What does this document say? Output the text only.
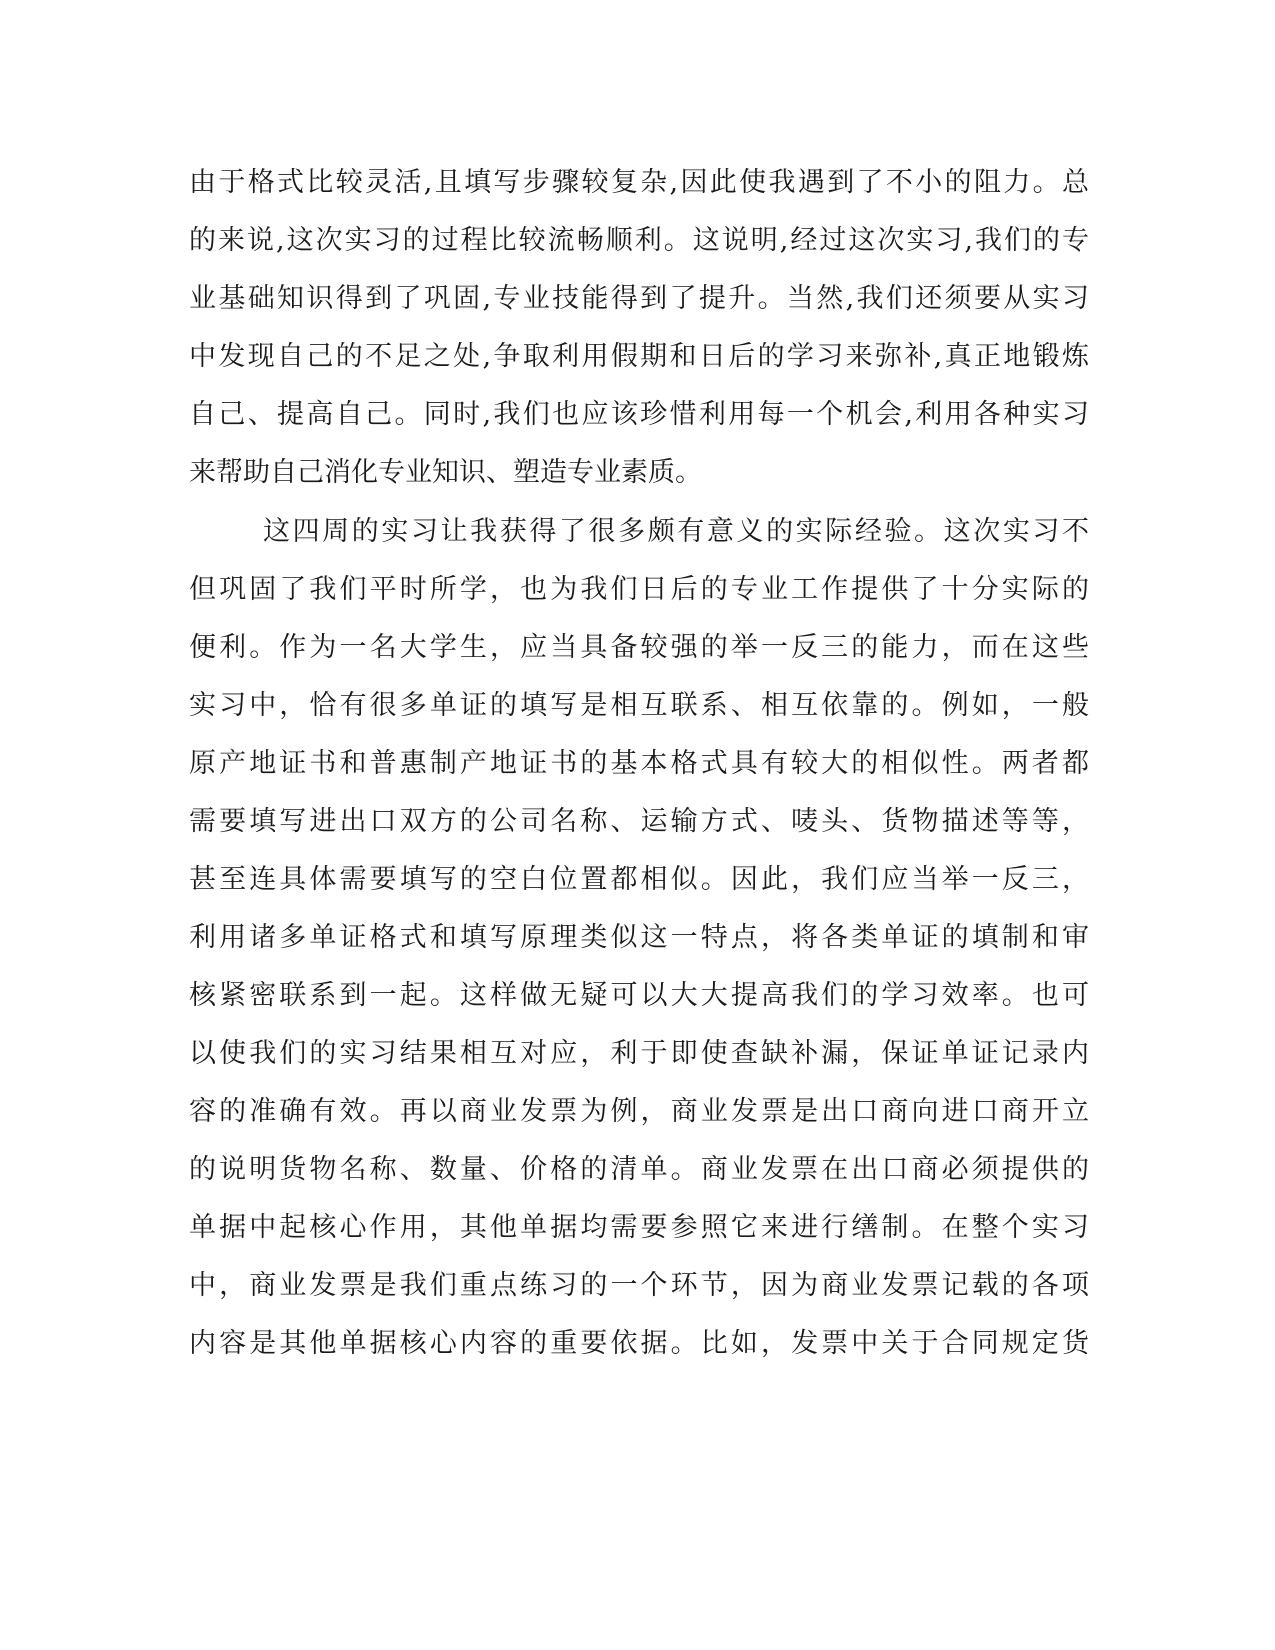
由于格式比较灵活,且填写步骤较复杂,因此使我遇到了不小的阻力。总
的来说,这次实习的过程比较流畅顺利。这说明,经过这次实习,我们的专
业基础知识得到了巩固,专业技能得到了提升。当然,我们还须要从实习
中发现自己的不足之处,争取利用假期和日后的学习来弥补,真正地锻炼
自己、提高自己。同时,我们也应该珍惜利用每一个机会,利用各种实习
来帮助自己消化专业知识、塑造专业素质。
这四周的实习让我获得了很多颇有意义的实际经验。这次实习不
但巩固了我们平时所学，也为我们日后的专业工作提供了十分实际的
便利。作为一名大学生，应当具备较强的举一反三的能力，而在这些
实习中，恰有很多单证的填写是相互联系、相互依靠的。例如，一般
原产地证书和普惠制产地证书的基本格式具有较大的相似性。两者都
需要填写进出口双方的公司名称、运输方式、唛头、货物描述等等，
甚至连具体需要填写的空白位置都相似。因此，我们应当举一反三，
利用诸多单证格式和填写原理类似这一特点，将各类单证的填制和审
核紧密联系到一起。这样做无疑可以大大提高我们的学习效率。也可
以使我们的实习结果相互对应，利于即使查缺补漏，保证单证记录内
容的准确有效。再以商业发票为例，商业发票是出口商向进口商开立
的说明货物名称、数量、价格的清单。商业发票在出口商必须提供的
单据中起核心作用，其他单据均需要参照它来进行缮制。在整个实习
中，商业发票是我们重点练习的一个环节，因为商业发票记载的各项
内容是其他单据核心内容的重要依据。比如，发票中关于合同规定货
